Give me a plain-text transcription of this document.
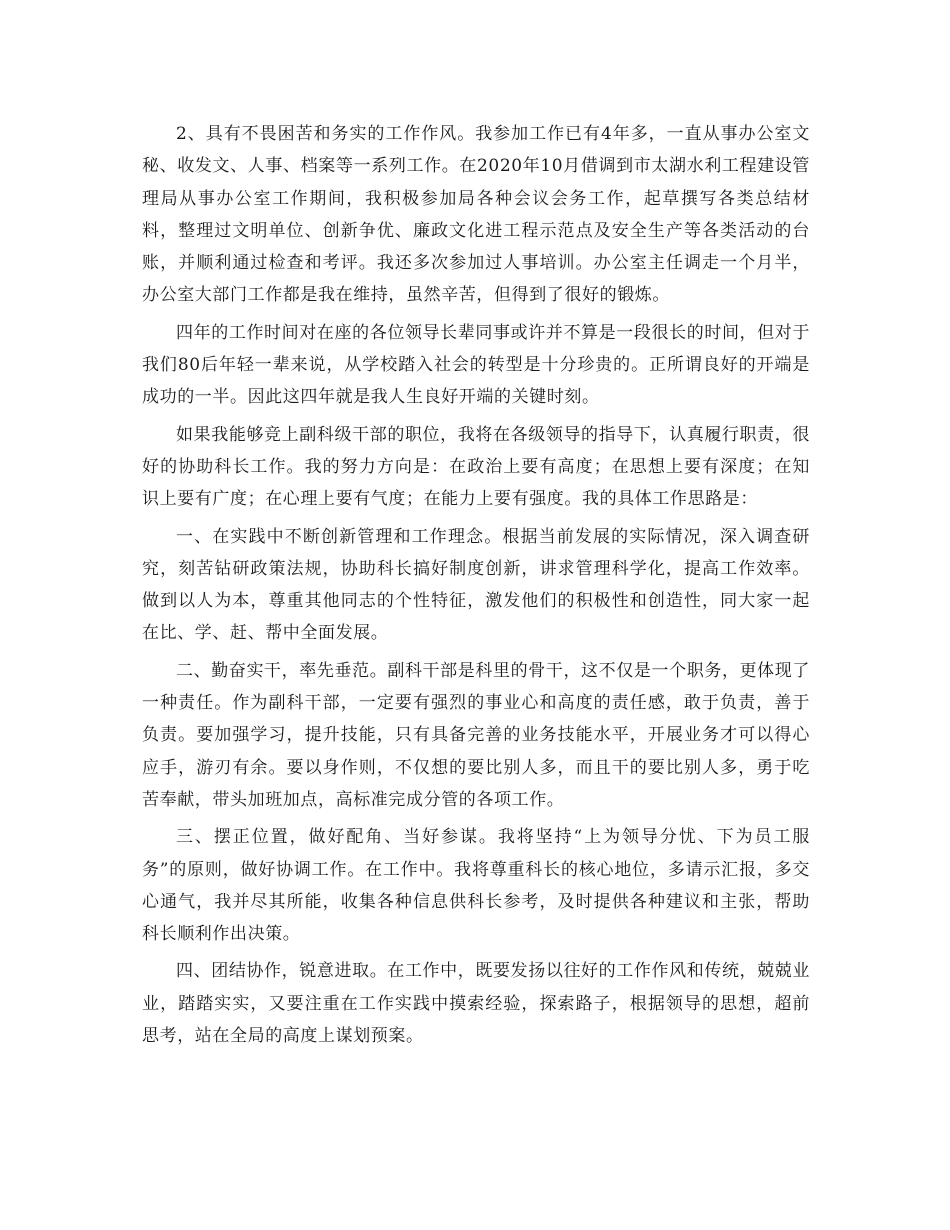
2、具有不畏困苦和务实的工作作风。我参加工作已有4年多，一直从事办公室文秘、收发文、人事、档案等一系列工作。在2020年10月借调到市太湖水利工程建设管理局从事办公室工作期间，我积极参加局各种会议会务工作，起草撰写各类总结材料，整理过文明单位、创新争优、廉政文化进工程示范点及安全生产等各类活动的台账，并顺利通过检查和考评。我还多次参加过人事培训。办公室主任调走一个月半，办公室大部门工作都是我在维持，虽然辛苦，但得到了很好的锻炼。

四年的工作时间对在座的各位领导长辈同事或许并不算是一段很长的时间，但对于我们80后年轻一辈来说，从学校踏入社会的转型是十分珍贵的。正所谓良好的开端是成功的一半。因此这四年就是我人生良好开端的关键时刻。

如果我能够竞上副科级干部的职位，我将在各级领导的指导下，认真履行职责，很好的协助科长工作。我的努力方向是：在政治上要有高度；在思想上要有深度；在知识上要有广度；在心理上要有气度；在能力上要有强度。我的具体工作思路是：

一、在实践中不断创新管理和工作理念。根据当前发展的实际情况，深入调查研究，刻苦钻研政策法规，协助科长搞好制度创新，讲求管理科学化，提高工作效率。做到以人为本，尊重其他同志的个性特征，激发他们的积极性和创造性，同大家一起在比、学、赶、帮中全面发展。

二、勤奋实干，率先垂范。副科干部是科里的骨干，这不仅是一个职务，更体现了一种责任。作为副科干部，一定要有强烈的事业心和高度的责任感，敢于负责，善于负责。要加强学习，提升技能，只有具备完善的业务技能水平，开展业务才可以得心应手，游刃有余。要以身作则，不仅想的要比别人多，而且干的要比别人多，勇于吃苦奉献，带头加班加点，高标准完成分管的各项工作。

三、摆正位置，做好配角、当好参谋。我将坚持“上为领导分忧、下为员工服务”的原则，做好协调工作。在工作中。我将尊重科长的核心地位，多请示汇报，多交心通气，我并尽其所能，收集各种信息供科长参考，及时提供各种建议和主张，帮助科长顺利作出决策。

四、团结协作，锐意进取。在工作中，既要发扬以往好的工作作风和传统，兢兢业业，踏踏实实，又要注重在工作实践中摸索经验，探索路子，根据领导的思想，超前思考，站在全局的高度上谋划预案。
